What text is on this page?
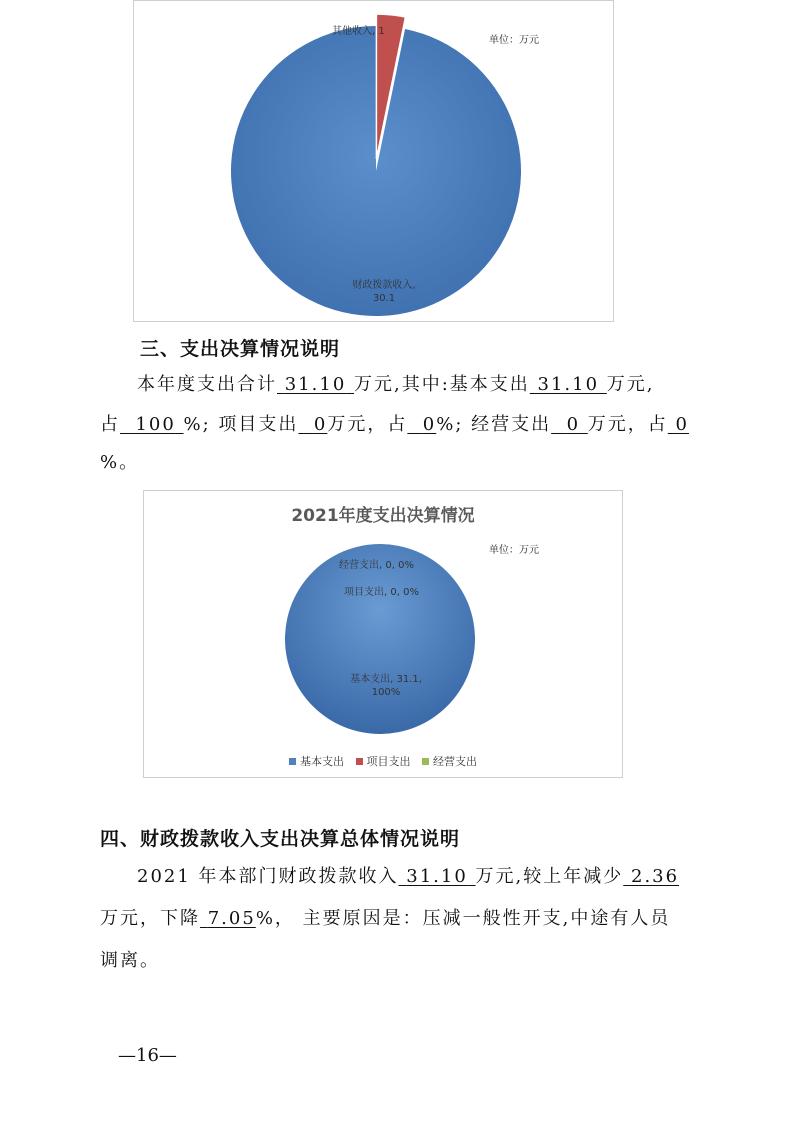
单位：万元
其他收入, 1
财政拨款收入,
30.1
三、支出决算情况说明
本年度支出合计 31.10 万元,其中:基本支出 31.10 万元,
占 100 %; 项目支出 0万元，占 0%; 经营支出 0 万元，占 0
%。
2021年度支出决算情况
单位：万元
经营支出, 0, 0%
项目支出, 0, 0%
基本支出, 31.1,
100%
基本支出 项目支出 经营支出
四、财政拨款收入支出决算总体情况说明
2021 年本部门财政拨款收入 31.10 万元,较上年减少 2.36
万元，下降 7.05%， 主要原因是：压减一般性开支,中途有人员
调离。
—16—
